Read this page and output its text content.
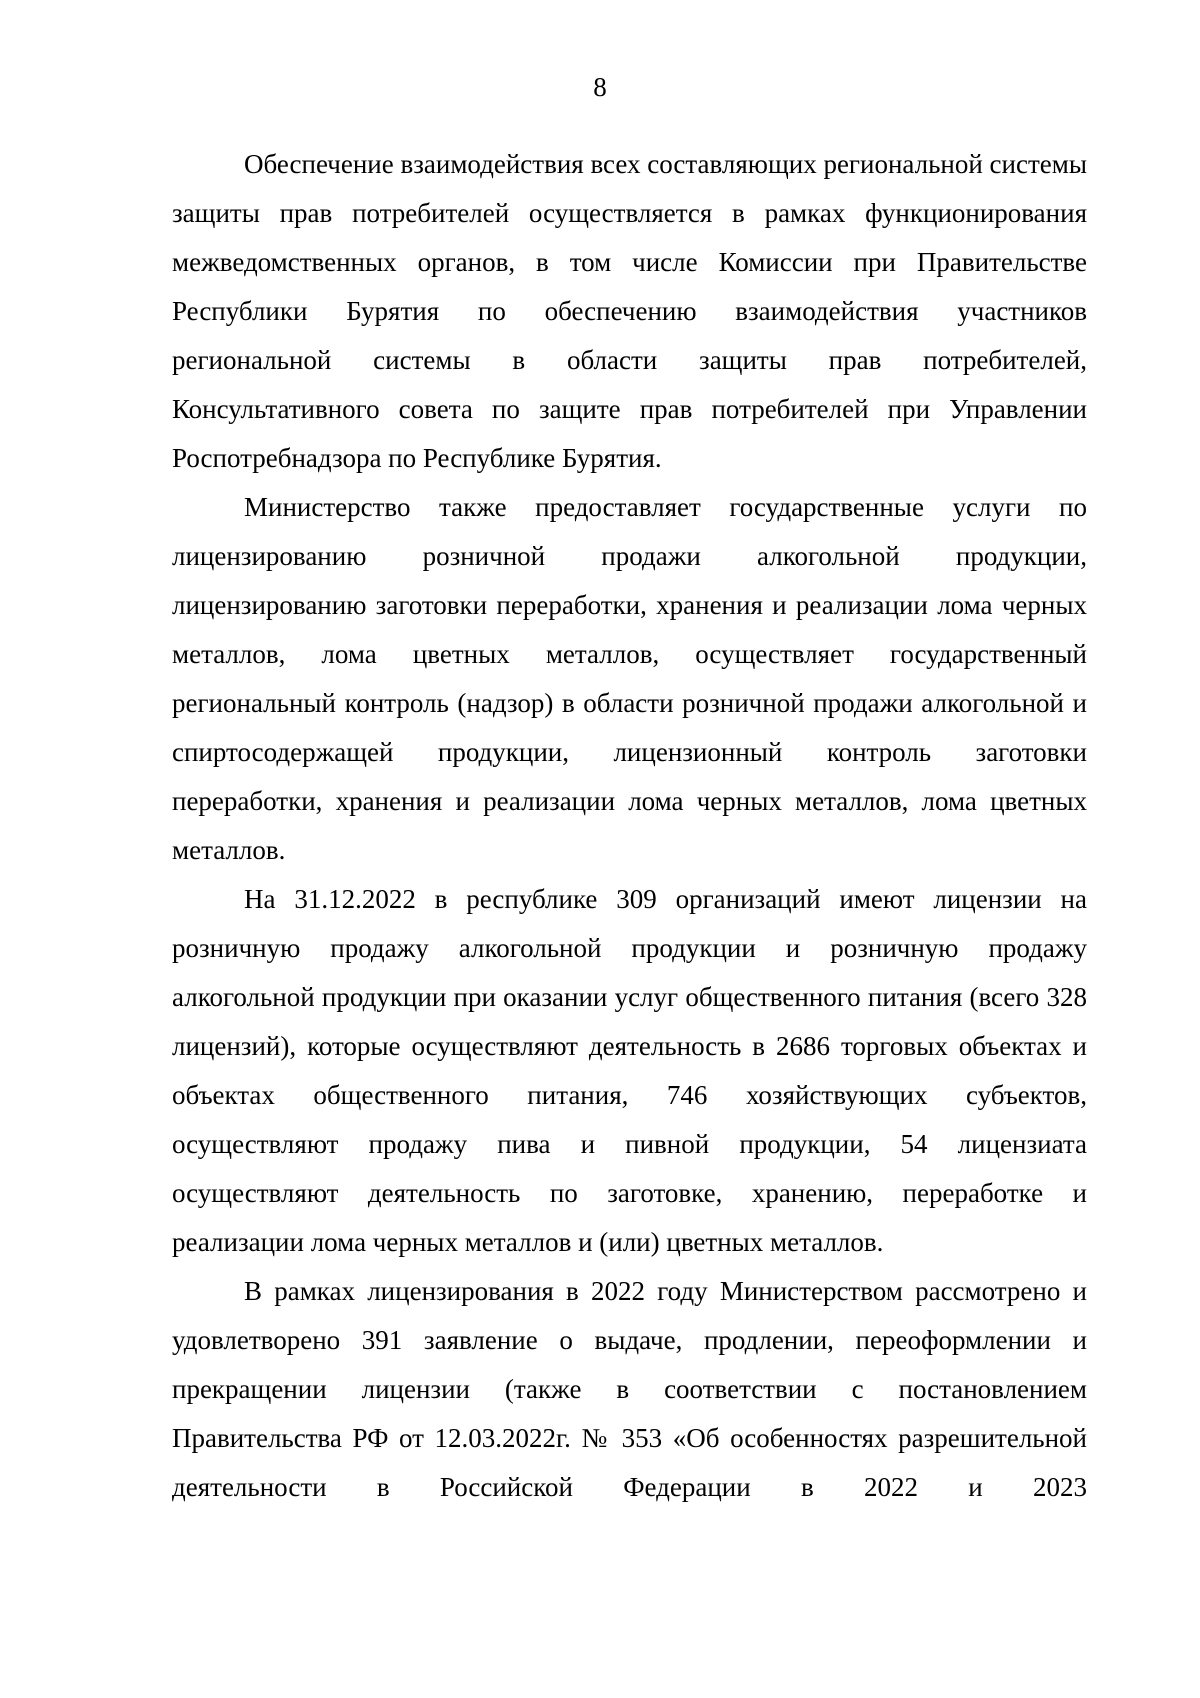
8

Обеспечение взаимодействия всех составляющих региональной системы защиты прав потребителей осуществляется в рамках функционирования межведомственных органов, в том числе Комиссии при Правительстве Республики Бурятия по обеспечению взаимодействия участников региональной системы в области защиты прав потребителей, Консультативного совета по защите прав потребителей при Управлении Роспотребнадзора по Республике Бурятия.

Министерство также предоставляет государственные услуги по лицензированию розничной продажи алкогольной продукции, лицензированию заготовки переработки, хранения и реализации лома черных металлов, лома цветных металлов, осуществляет государственный региональный контроль (надзор) в области розничной продажи алкогольной и спиртосодержащей продукции, лицензионный контроль заготовки переработки, хранения и реализации лома черных металлов, лома цветных металлов.

На 31.12.2022 в республике 309 организаций имеют лицензии на розничную продажу алкогольной продукции и розничную продажу алкогольной продукции при оказании услуг общественного питания (всего 328 лицензий), которые осуществляют деятельность в 2686 торговых объектах и объектах общественного питания, 746 хозяйствующих субъектов, осуществляют продажу пива и пивной продукции, 54 лицензиата осуществляют деятельность по заготовке, хранению, переработке и реализации лома черных металлов и (или) цветных металлов.

В рамках лицензирования в 2022 году Министерством рассмотрено и удовлетворено 391 заявление о выдаче, продлении, переоформлении и прекращении лицензии (также в соответствии с постановлением Правительства РФ от 12.03.2022г. № 353 «Об особенностях разрешительной деятельности в Российской Федерации в 2022 и 2023
